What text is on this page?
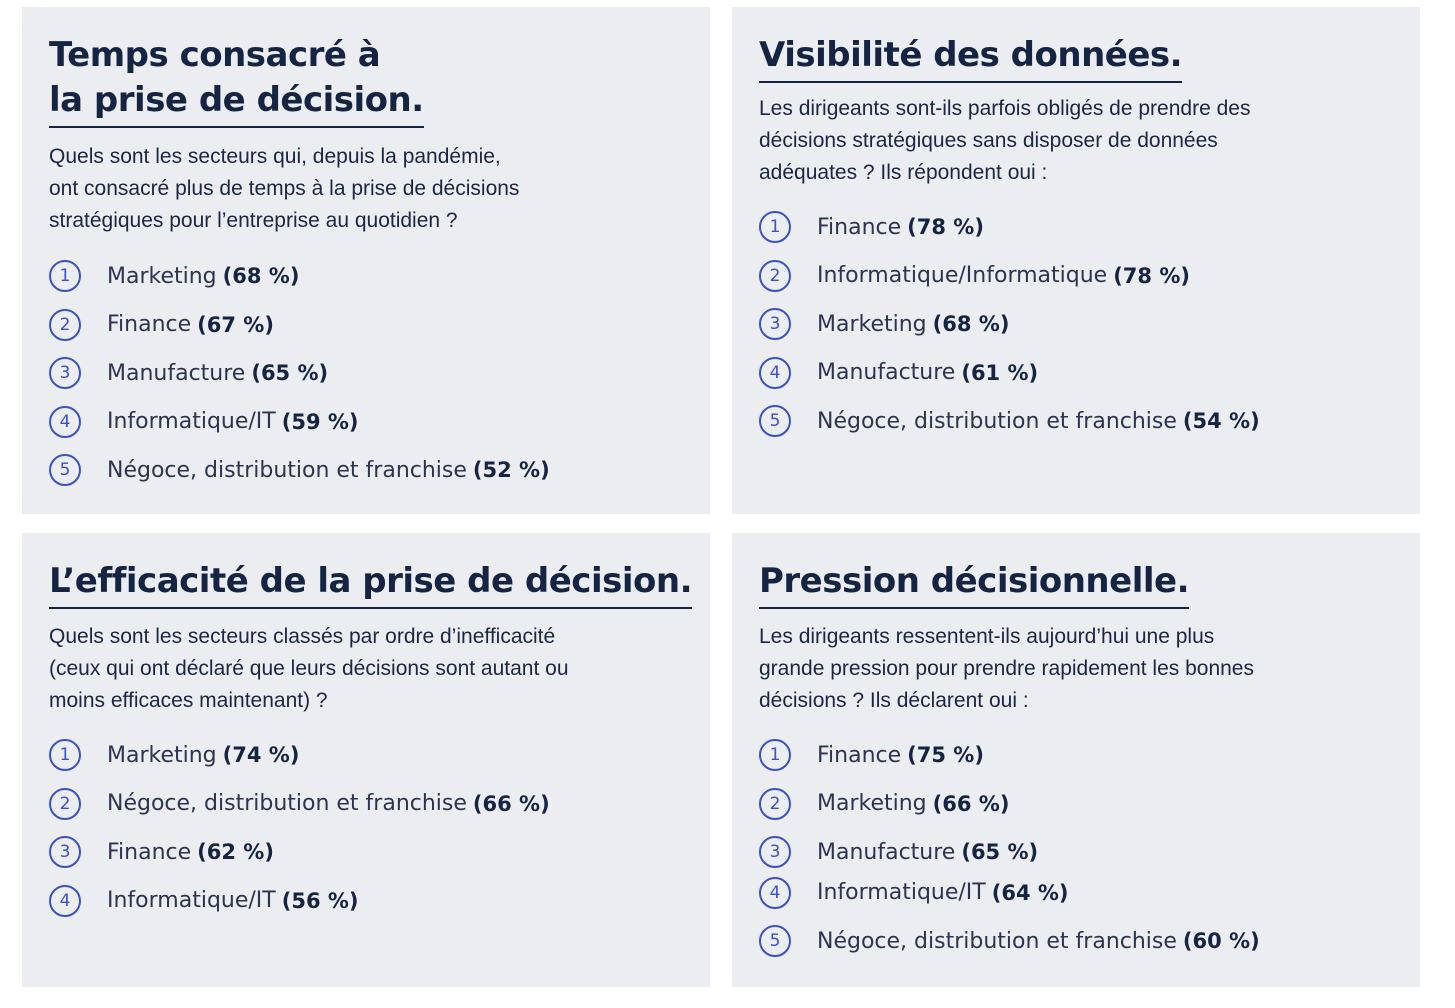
Temps consacré à
la prise de décision.

Quels sont les secteurs qui, depuis la pandémie,
ont consacré plus de temps à la prise de décisions
stratégiques pour l’entreprise au quotidien ?

1	Marketing (68 %)
2	Finance (67 %)
3	Manufacture (65 %)
4	Informatique/IT (59 %)
5	Négoce, distribution et franchise (52 %)
Visibilité des données.

Les dirigeants sont-ils parfois obligés de prendre des
décisions stratégiques sans disposer de données
adéquates ? Ils répondent oui :

1	Finance (78 %)
2	Informatique/Informatique (78 %)
3	Marketing (68 %)
4	Manufacture (61 %)
5	Négoce, distribution et franchise (54 %)
L’efficacité de la prise de décision.

Quels sont les secteurs classés par ordre d’inefficacité
(ceux qui ont déclaré que leurs décisions sont autant ou
moins efficaces maintenant) ?

1	Marketing (74 %)
2	Négoce, distribution et franchise (66 %)
3	Finance (62 %)
4	Informatique/IT (56 %)
Pression décisionnelle.

Les dirigeants ressentent-ils aujourd’hui une plus
grande pression pour prendre rapidement les bonnes
décisions ? Ils déclarent oui :

1	Finance (75 %)
2	Marketing (66 %)
3	Manufacture (65 %)
4	Informatique/IT (64 %)
5	Négoce, distribution et franchise (60 %)
